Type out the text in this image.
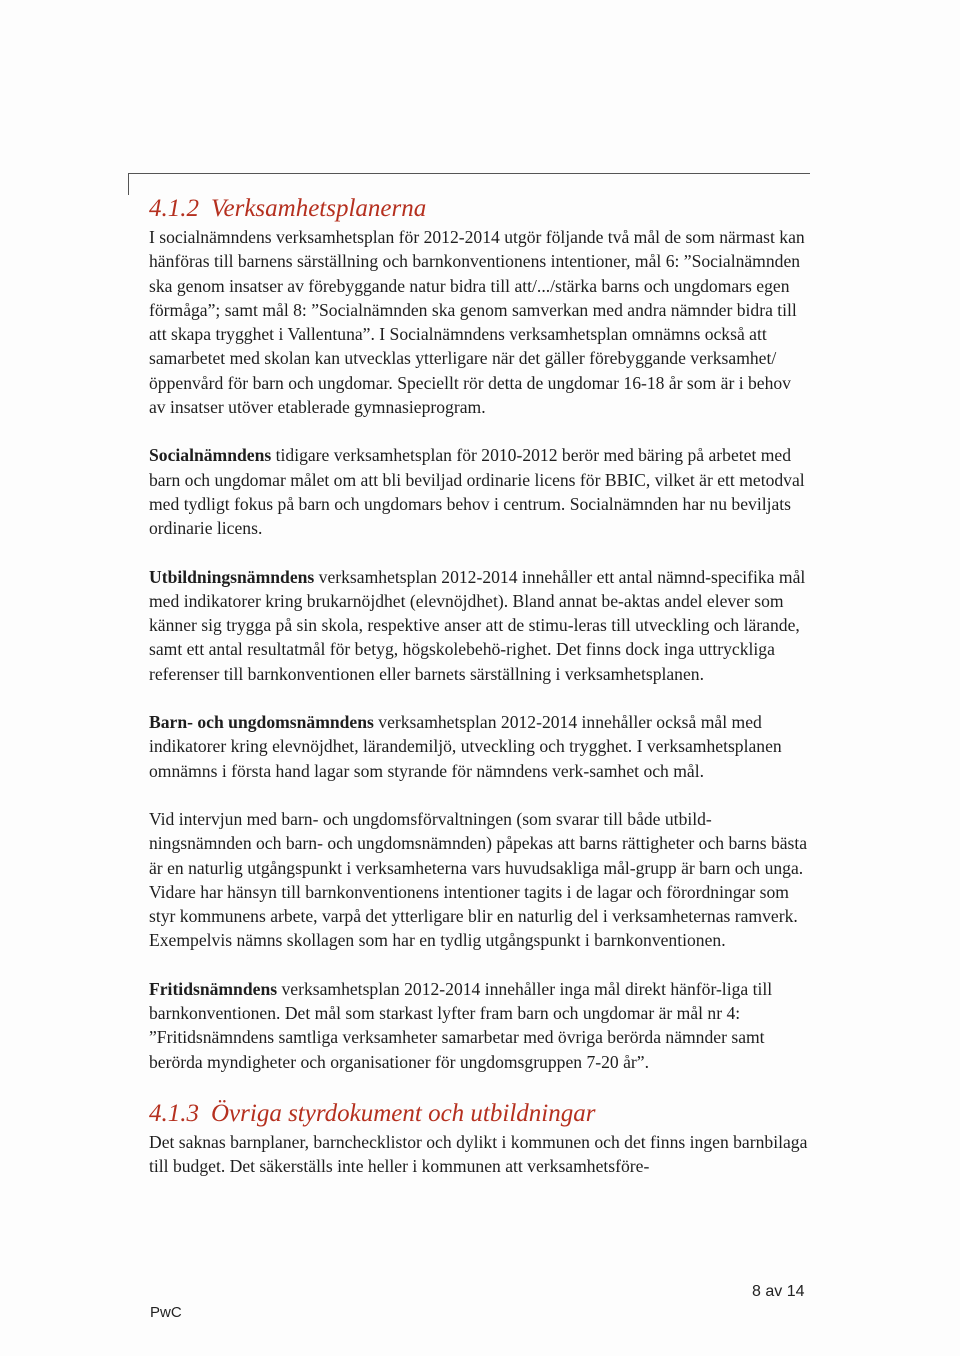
4.1.2 Verksamhetsplanerna

I socialnämndens verksamhetsplan för 2012-2014 utgör följande två mål de som närmast kan hänföras till barnens särställning och barnkonventionens intentioner, mål 6: ”Socialnämnden ska genom insatser av förebyggande natur bidra till att/.../stärka barns och ungdomars egen förmåga”; samt mål 8: ”Socialnämnden ska genom samverkan med andra nämnder bidra till att skapa trygghet i Vallentuna”. I Socialnämndens verksamhetsplan omnämns också att samarbetet med skolan kan utvecklas ytterligare när det gäller förebyggande verksamhet/öppenvård för barn och ungdomar. Speciellt rör detta de ungdomar 16-18 år som är i behov av insatser utöver etablerade gymnasieprogram.

Socialnämndens tidigare verksamhetsplan för 2010-2012 berör med bäring på arbetet med barn och ungdomar målet om att bli beviljad ordinarie licens för BBIC, vilket är ett metodval med tydligt fokus på barn och ungdomars behov i centrum. Socialnämnden har nu beviljats ordinarie licens.

Utbildningsnämndens verksamhetsplan 2012-2014 innehåller ett antal nämnd-specifika mål med indikatorer kring brukarnöjdhet (elevnöjdhet). Bland annat be-aktas andel elever som känner sig trygga på sin skola, respektive anser att de stimu-leras till utveckling och lärande, samt ett antal resultatmål för betyg, högskolebehö-righet. Det finns dock inga uttryckliga referenser till barnkonventionen eller barnets särställning i verksamhetsplanen.

Barn- och ungdomsnämndens verksamhetsplan 2012-2014 innehåller också mål med indikatorer kring elevnöjdhet, lärandemiljö, utveckling och trygghet. I verksamhetsplanen omnämns i första hand lagar som styrande för nämndens verk-samhet och mål.

Vid intervjun med barn- och ungdomsförvaltningen (som svarar till både utbild-ningsnämnden och barn- och ungdomsnämnden) påpekas att barns rättigheter och barns bästa är en naturlig utgångspunkt i verksamheterna vars huvudsakliga mål-grupp är barn och unga. Vidare har hänsyn till barnkonventionens intentioner tagits i de lagar och förordningar som styr kommunens arbete, varpå det ytterligare blir en naturlig del i verksamheternas ramverk. Exempelvis nämns skollagen som har en tydlig utgångspunkt i barnkonventionen.

Fritidsnämndens verksamhetsplan 2012-2014 innehåller inga mål direkt hänför-liga till barnkonventionen. Det mål som starkast lyfter fram barn och ungdomar är mål nr 4: ”Fritidsnämndens samtliga verksamheter samarbetar med övriga berörda nämnder samt berörda myndigheter och organisationer för ungdomsgruppen 7-20 år”.

4.1.3 Övriga styrdokument och utbildningar

Det saknas barnplaner, barnchecklistor och dylikt i kommunen och det finns ingen barnbilaga till budget. Det säkerställs inte heller i kommunen att verksamhetsföre-

8 av 14
PwC
